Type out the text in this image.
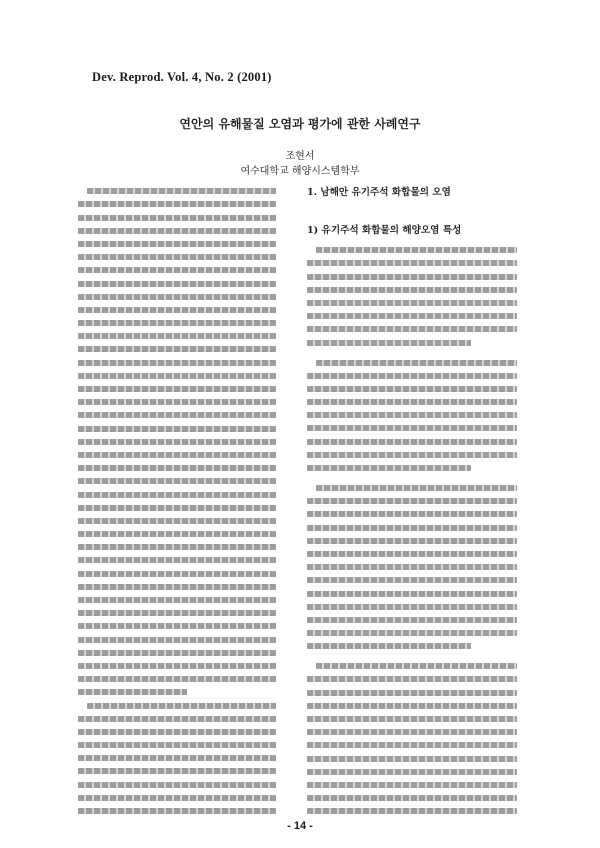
Dev. Reprod. Vol. 4, No. 2 (2001)
연안의 유해물질 오염과 평가에 관한 사례연구
조현서
여수대학교 해양시스템학부
1. 남해안 유기주석 화합물의 오염
1) 유기주석 화합물의 해양오염 특성
- 14 -
